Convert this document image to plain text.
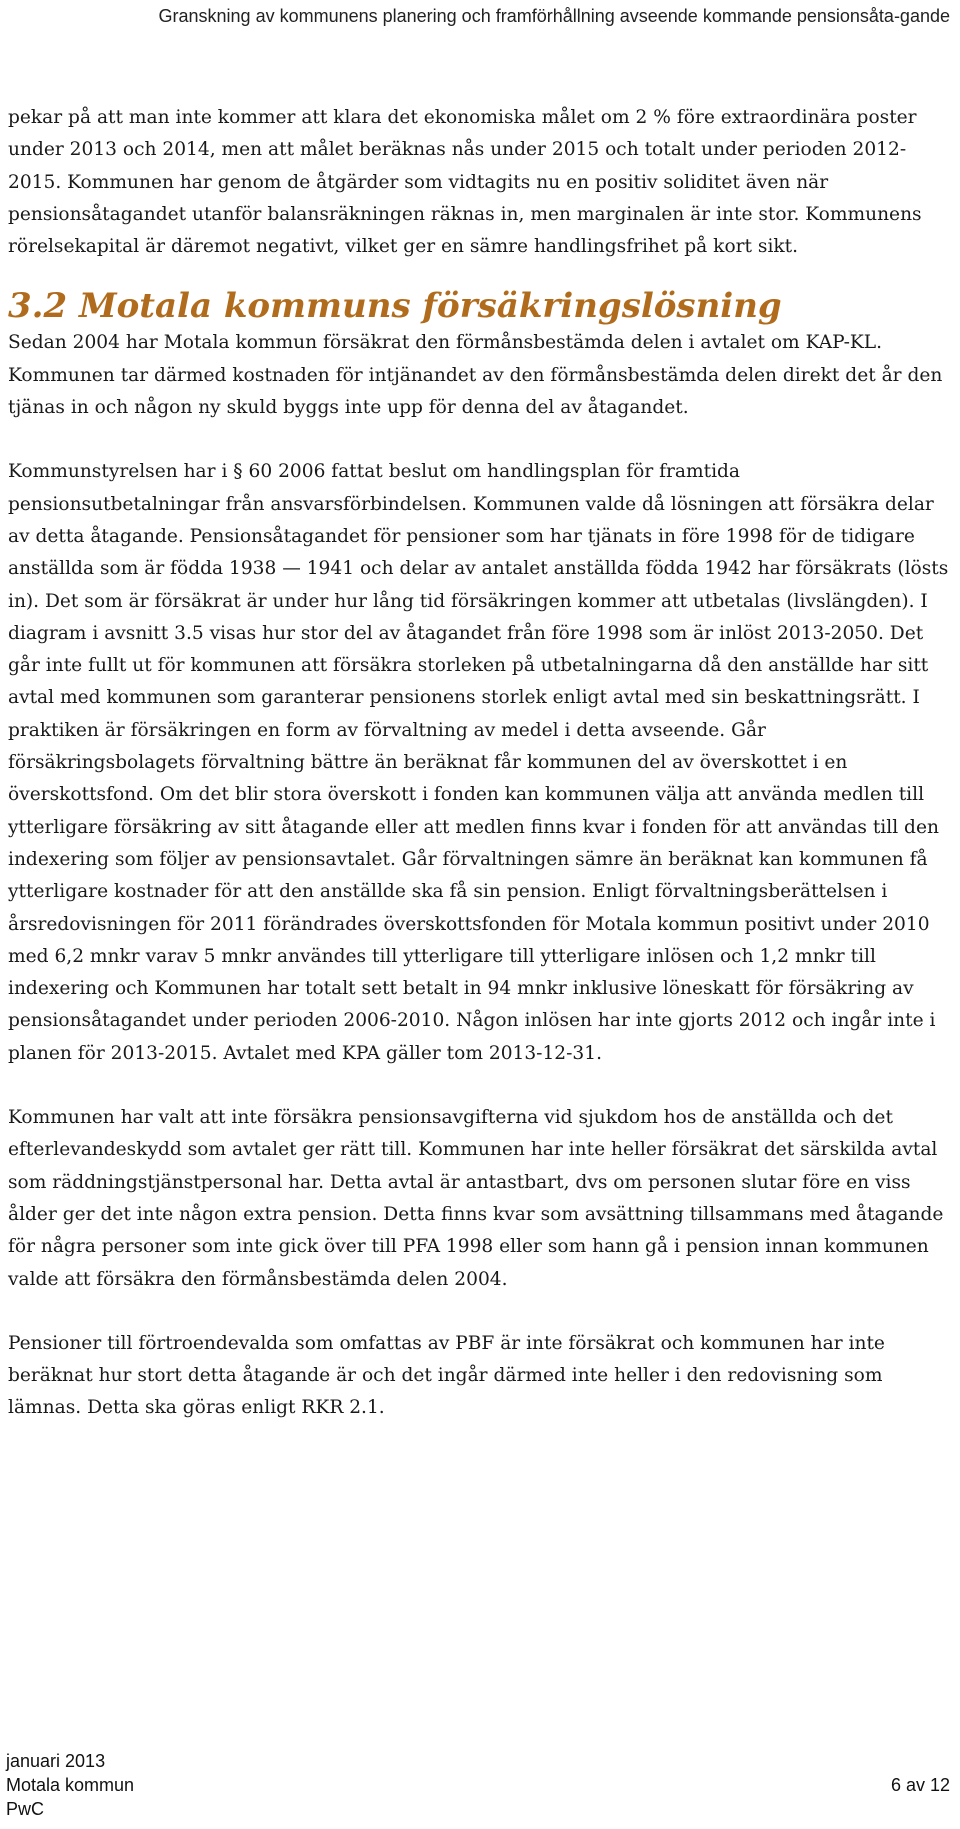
Granskning av kommunens planering och framförhållning avseende kommande pensionsåta-gande

pekar på att man inte kommer att klara det ekonomiska målet om 2 % före extraordinära poster under 2013 och 2014, men att målet beräknas nås under 2015 och totalt under perioden 2012-2015. Kommunen har genom de åtgärder som vidtagits nu en positiv soliditet även när pensionsåtagandet utanför balansräkningen räknas in, men marginalen är inte stor. Kommunens rörelsekapital är däremot negativt, vilket ger en sämre handlingsfrihet på kort sikt.

3.2 Motala kommuns försäkringslösning

Sedan 2004 har Motala kommun försäkrat den förmånsbestämda delen i avtalet om KAP-KL. Kommunen tar därmed kostnaden för intjänandet av den förmånsbestämda delen direkt det år den tjänas in och någon ny skuld byggs inte upp för denna del av åtagandet.

Kommunstyrelsen har i § 60 2006 fattat beslut om handlingsplan för framtida pensionsutbetalningar från ansvarsförbindelsen. Kommunen valde då lösningen att försäkra delar av detta åtagande. Pensionsåtagandet för pensioner som har tjänats in före 1998 för de tidigare anställda som är födda 1938 — 1941 och delar av antalet anställda födda 1942 har försäkrats (lösts in). Det som är försäkrat är under hur lång tid försäkringen kommer att utbetalas (livslängden). I diagram i avsnitt 3.5 visas hur stor del av åtagandet från före 1998 som är inlöst 2013-2050. Det går inte fullt ut för kommunen att försäkra storleken på utbetalningarna då den anställde har sitt avtal med kommunen som garanterar pensionens storlek enligt avtal med sin beskattningsrätt. I praktiken är försäkringen en form av förvaltning av medel i detta avseende. Går försäkringsbolagets förvaltning bättre än beräknat får kommunen del av överskottet i en överskottsfond. Om det blir stora överskott i fonden kan kommunen välja att använda medlen till ytterligare försäkring av sitt åtagande eller att medlen finns kvar i fonden för att användas till den indexering som följer av pensionsavtalet. Går förvaltningen sämre än beräknat kan kommunen få ytterligare kostnader för att den anställde ska få sin pension. Enligt förvaltningsberättelsen i årsredovisningen för 2011 förändrades överskottsfonden för Motala kommun positivt under 2010 med 6,2 mnkr varav 5 mnkr användes till ytterligare till ytterligare inlösen och 1,2 mnkr till indexering och Kommunen har totalt sett betalt in 94 mnkr inklusive löneskatt för försäkring av pensionsåtagandet under perioden 2006-2010. Någon inlösen har inte gjorts 2012 och ingår inte i planen för 2013-2015. Avtalet med KPA gäller tom 2013-12-31.

Kommunen har valt att inte försäkra pensionsavgifterna vid sjukdom hos de anställda och det efterlevandeskydd som avtalet ger rätt till. Kommunen har inte heller försäkrat det särskilda avtal som räddningstjänstpersonal har. Detta avtal är antastbart, dvs om personen slutar före en viss ålder ger det inte någon extra pension. Detta finns kvar som avsättning tillsammans med åtagande för några personer som inte gick över till PFA 1998 eller som hann gå i pension innan kommunen valde att försäkra den förmånsbestämda delen 2004.

Pensioner till förtroendevalda som omfattas av PBF är inte försäkrat och kommunen har inte beräknat hur stort detta åtagande är och det ingår därmed inte heller i den redovisning som lämnas. Detta ska göras enligt RKR 2.1.

januari 2013
Motala kommun
PwC
6 av 12
